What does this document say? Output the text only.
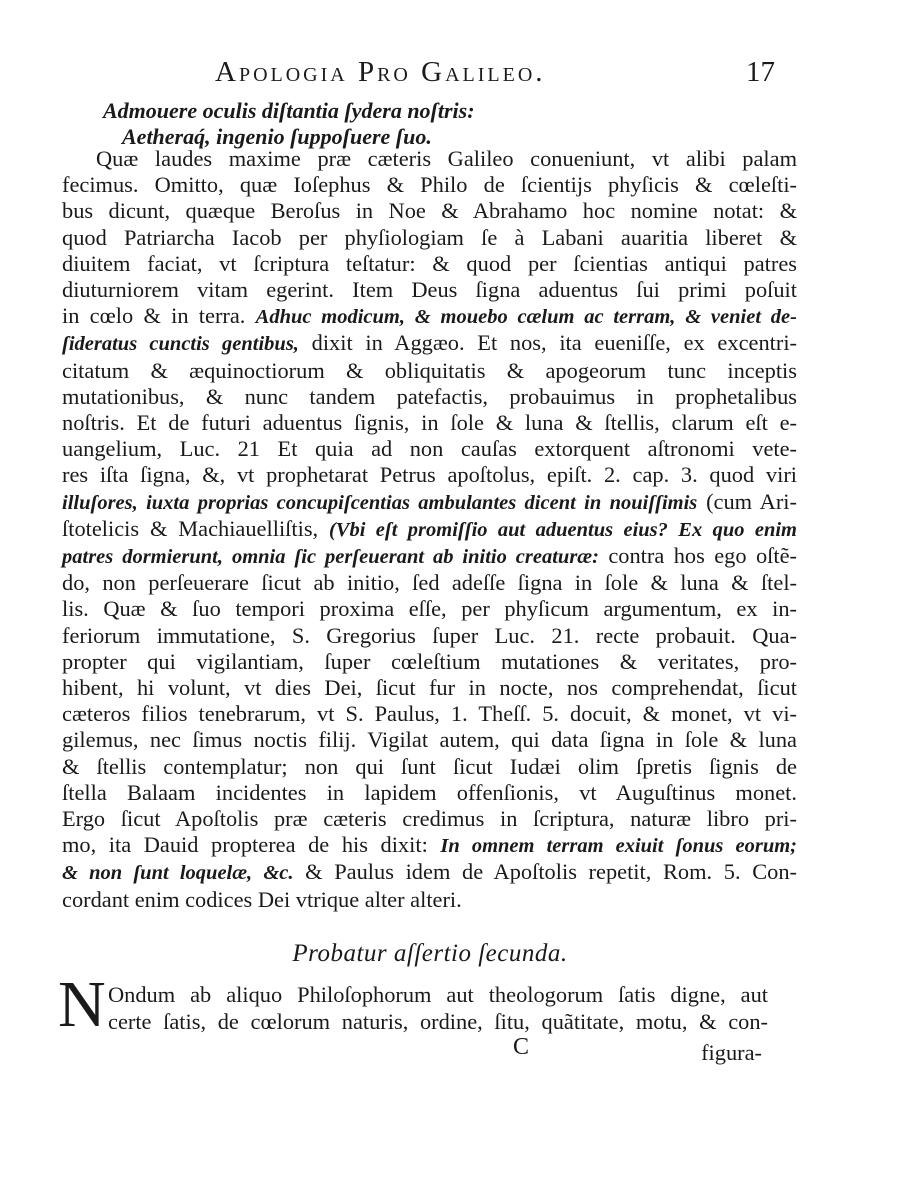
Apologia Pro Galileo.	17
Admouere oculis diſtantia ſydera noſtris:
Aetheraq́, ingenio ſuppoſuere ſuo.
Quæ laudes maxime præ cæteris Galileo conueniunt, vt alibi palam
fecimus. Omitto, quæ Ioſephus & Philo de ſcientijs phyſicis & cœleſti-
bus dicunt, quæque Beroſus in Noe & Abrahamo hoc nomine notat: &
quod Patriarcha Iacob per phyſiologiam ſe à Labani auaritia liberet &
diuitem faciat, vt ſcriptura teſtatur: & quod per ſcientias antiqui patres
diuturniorem vitam egerint. Item Deus ſigna aduentus ſui primi poſuit
in cœlo & in terra. Adhuc modicum, & mouebo cælum ac terram, & veniet de-
ſideratus cunctis gentibus, dixit in Aggæo. Et nos, ita eueniſſe, ex excentri-
citatum & æquinoctiorum & obliquitatis & apogeorum tunc inceptis
mutationibus, & nunc tandem patefactis, probauimus in prophetalibus
noſtris. Et de futuri aduentus ſignis, in ſole & luna & ſtellis, clarum eſt e-
uangelium, Luc. 21 Et quia ad non cauſas extorquent aſtronomi vete-
res iſta ſigna, &, vt prophetarat Petrus apoſtolus, epiſt. 2. cap. 3. quod viri
illuſores, iuxta proprias concupiſcentias ambulantes dicent in nouiſſimis (cum Ari-
ſtotelicis & Machiauelliſtis, (Vbi eſt promiſſio aut aduentus eius? Ex quo enim
patres dormierunt, omnia ſic perſeuerant ab initio creaturæ: contra hos ego oſtẽ-
do, non perſeuerare ſicut ab initio, ſed adeſſe ſigna in ſole & luna & ſtel-
lis. Quæ & ſuo tempori proxima eſſe, per phyſicum argumentum, ex in-
feriorum immutatione, S. Gregorius ſuper Luc. 21. recte probauit. Qua-
propter qui vigilantiam, ſuper cœleſtium mutationes & veritates, pro-
hibent, hi volunt, vt dies Dei, ſicut fur in nocte, nos comprehendat, ſicut
cæteros filios tenebrarum, vt S. Paulus, 1. Theſſ. 5. docuit, & monet, vt vi-
gilemus, nec ſimus noctis filij. Vigilat autem, qui data ſigna in ſole & luna
& ſtellis contemplatur; non qui ſunt ſicut Iudæi olim ſpretis ſignis de
ſtella Balaam incidentes in lapidem offenſionis, vt Auguſtinus monet.
Ergo ſicut Apoſtolis præ cæteris credimus in ſcriptura, naturæ libro pri-
mo, ita Dauid propterea de his dixit: In omnem terram exiuit ſonus eorum;
& non ſunt loquelæ, &c. & Paulus idem de Apoſtolis repetit, Rom. 5. Con-
cordant enim codices Dei vtrique alter alteri.
Probatur aſſertio ſecunda.
N Ondum ab aliquo Philoſophorum aut theologorum ſatis digne, aut
certe ſatis, de cœlorum naturis, ordine, ſitu, quãtitate, motu, & con-
C	figura-
